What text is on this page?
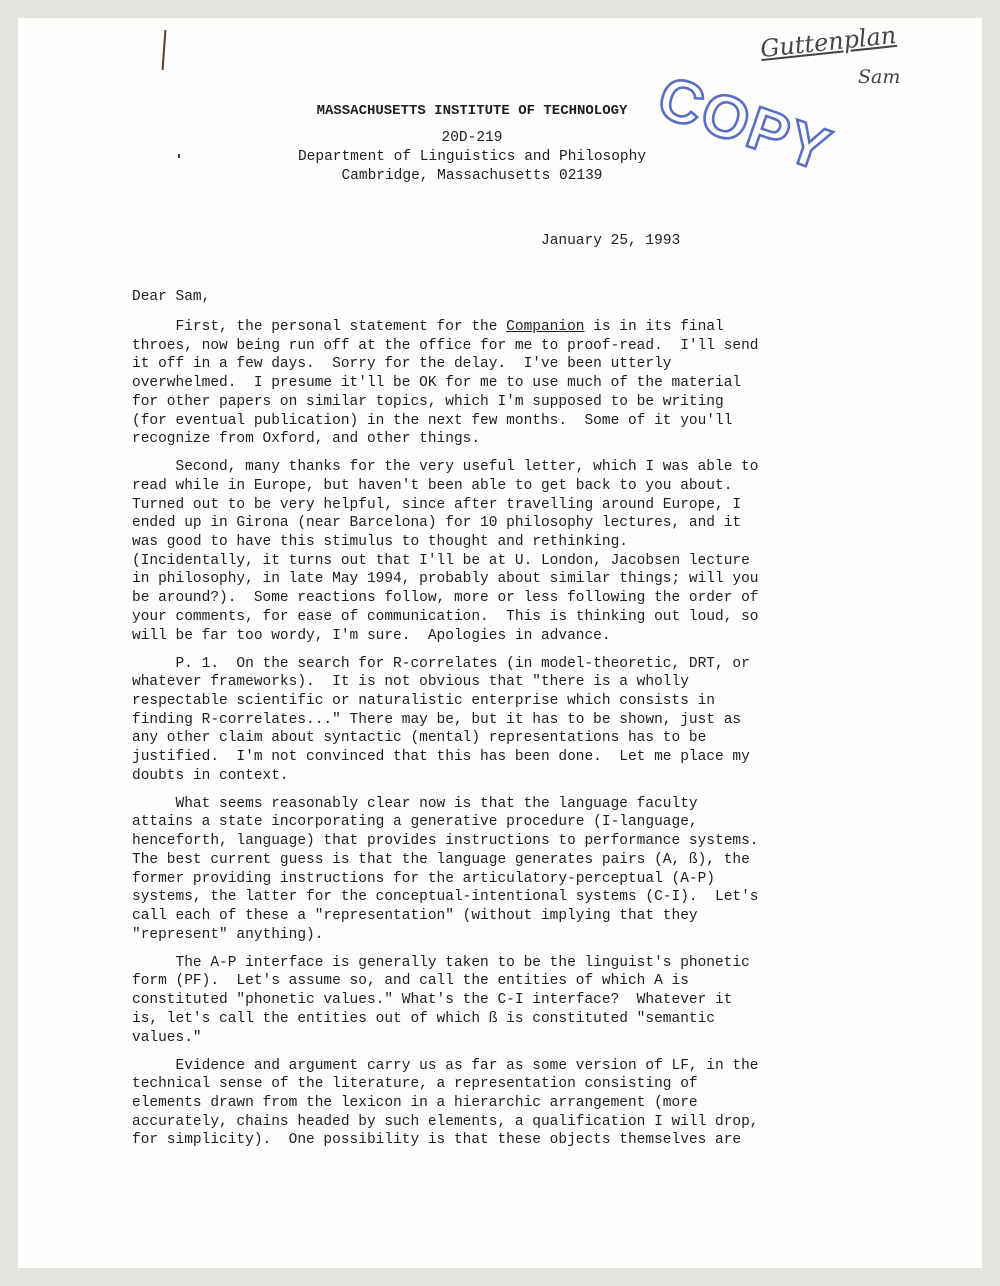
MASSACHUSETTS INSTITUTE OF TECHNOLOGY
20D-219
Department of Linguistics and Philosophy
Cambridge, Massachusetts 02139 COPY
Guttenplan
Sam
January 25, 1993
Dear Sam,

First, the personal statement for the Companion is in its final
throes, now being run off at the office for me to proof-read.  I'll send
it off in a few days.  Sorry for the delay.  I've been utterly
overwhelmed.  I presume it'll be OK for me to use much of the material
for other papers on similar topics, which I'm supposed to be writing
(for eventual publication) in the next few months.  Some of it you'll
recognize from Oxford, and other things.

Second, many thanks for the very useful letter, which I was able to
read while in Europe, but haven't been able to get back to you about.
Turned out to be very helpful, since after travelling around Europe, I
ended up in Girona (near Barcelona) for 10 philosophy lectures, and it
was good to have this stimulus to thought and rethinking.
(Incidentally, it turns out that I'll be at U. London, Jacobsen lecture
in philosophy, in late May 1994, probably about similar things; will you
be around?).  Some reactions follow, more or less following the order of
your comments, for ease of communication.  This is thinking out loud, so
will be far too wordy, I'm sure.  Apologies in advance.

P. 1.  On the search for R-correlates (in model-theoretic, DRT, or
whatever frameworks).  It is not obvious that "there is a wholly
respectable scientific or naturalistic enterprise which consists in
finding R-correlates..." There may be, but it has to be shown, just as
any other claim about syntactic (mental) representations has to be
justified.  I'm not convinced that this has been done.  Let me place my
doubts in context.

What seems reasonably clear now is that the language faculty
attains a state incorporating a generative procedure (I-language,
henceforth, language) that provides instructions to performance systems.
The best current guess is that the language generates pairs (A, ß), the
former providing instructions for the articulatory-perceptual (A-P)
systems, the latter for the conceptual-intentional systems (C-I).  Let's
call each of these a "representation" (without implying that they
"represent" anything).

The A-P interface is generally taken to be the linguist's phonetic
form (PF).  Let's assume so, and call the entities of which A is
constituted "phonetic values." What's the C-I interface?  Whatever it
is, let's call the entities out of which ß is constituted "semantic
values."

Evidence and argument carry us as far as some version of LF, in the
technical sense of the literature, a representation consisting of
elements drawn from the lexicon in a hierarchic arrangement (more
accurately, chains headed by such elements, a qualification I will drop,
for simplicity).  One possibility is that these objects themselves are
